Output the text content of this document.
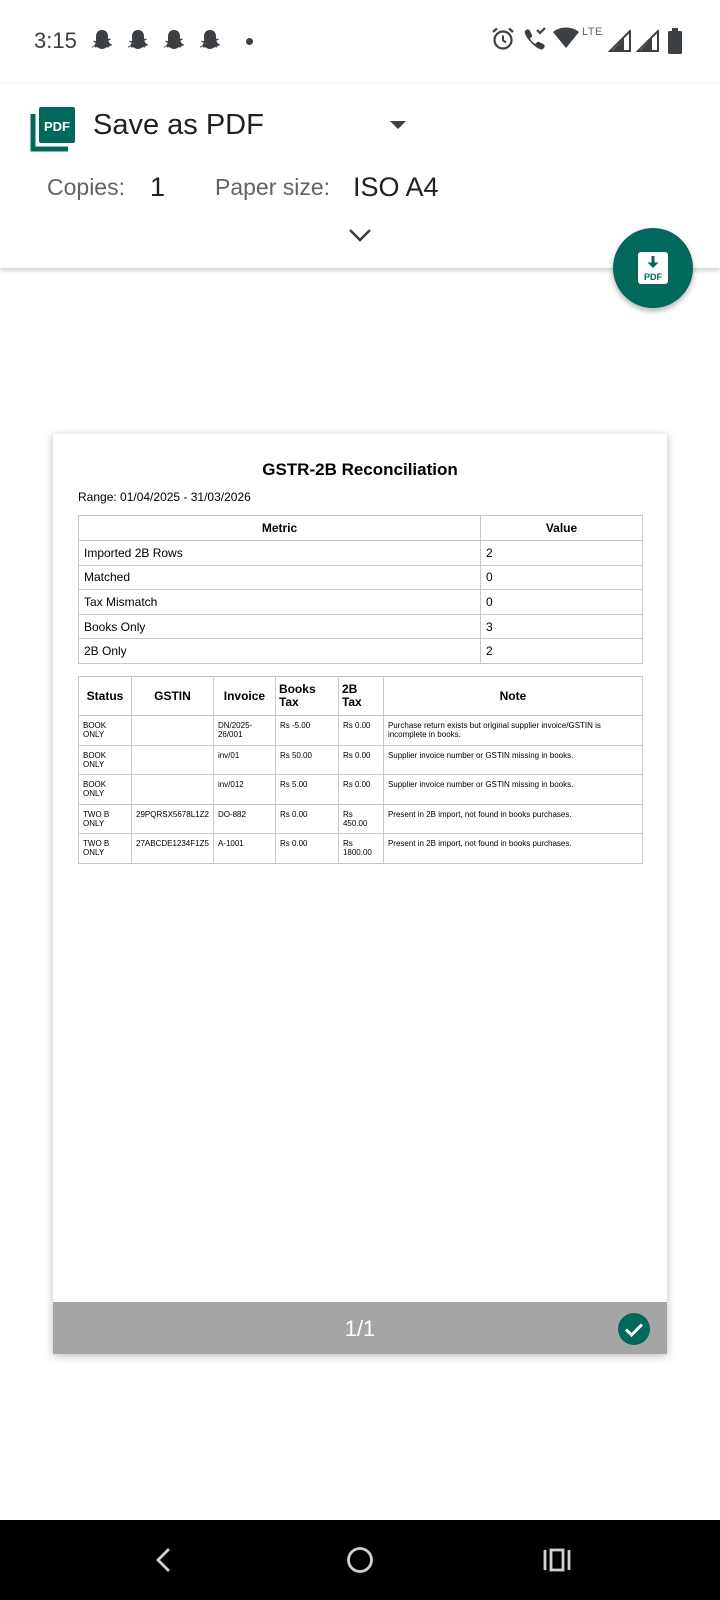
3:15	LTE
PDF Save as PDF
Copies: 1 Paper size: ISO A4
PDF
GSTR-2B Reconciliation
Range: 01/04/2025 - 31/03/2026
Metric	Value
Imported 2B Rows	2
Matched	0
Tax Mismatch	0
Books Only	3
2B Only	2
Status	GSTIN	Invoice	Books Tax	2B Tax	Note
BOOK ONLY		DN/2025-26/001	Rs -5.00	Rs 0.00	Purchase return exists but original supplier invoice/GSTIN is incomplete in books.
BOOK ONLY		inv/01	Rs 50.00	Rs 0.00	Supplier invoice number or GSTIN missing in books.
BOOK ONLY		inv/012	Rs 5.00	Rs 0.00	Supplier invoice number or GSTIN missing in books.
TWO B ONLY	29PQRSX5678L1Z2	DO-882	Rs 0.00	Rs 450.00	Present in 2B import, not found in books purchases.
TWO B ONLY	27ABCDE1234F1Z5	A-1001	Rs 0.00	Rs 1800.00	Present in 2B import, not found in books purchases.
1/1
